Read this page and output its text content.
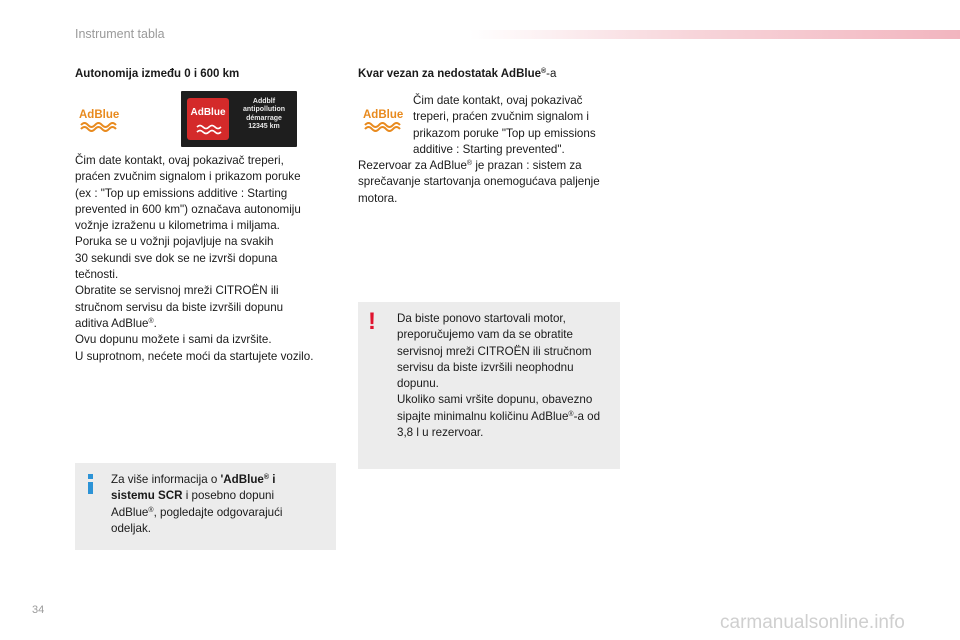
Instrument tabla
Autonomija između 0 i 600 km
AdBlue	AdBlue
Addblf
antipollution
démarrage
12345 km

Čim date kontakt, ovaj pokazivač treperi,

praćen zvučnim signalom i prikazom poruke

(ex : "Top up emissions additive : Starting

prevented in 600 km") označava autonomiju

vožnje izraženu u kilometrima i miljama.

Poruka se u vožnji pojavljuje na svakih

30 sekundi sve dok se ne izvrši dopuna

tečnosti.

Obratite se servisnoj mreži CITROËN ili

stručnom servisu da biste izvršili dopunu

aditiva AdBlue®.

Ovu dopunu možete i sami da izvršite.

U suprotnom, nećete moći da startujete vozilo.

Za više informacija o 'AdBlue® i

sistemu SCR i posebno dopuni

AdBlue®, pogledajte odgovarajući

odeljak.

Kvar vezan za nedostatak AdBlue®-a
AdBlue

Čim date kontakt, ovaj pokazivač

treperi, praćen zvučnim signalom i

prikazom poruke "Top up emissions

additive : Starting prevented".

Rezervoar za AdBlue® je prazan : sistem za

sprečavanje startovanja onemogućava paljenje

motora.

! Da biste ponovo startovali motor,

preporučujemo vam da se obratite

servisnoj mreži CITROËN ili stručnom

servisu da biste izvršili neophodnu

dopunu.

Ukoliko sami vršite dopunu, obavezno

sipajte minimalnu količinu AdBlue®-a od

3,8 l u rezervoar.

34
carmanualsonline.info
